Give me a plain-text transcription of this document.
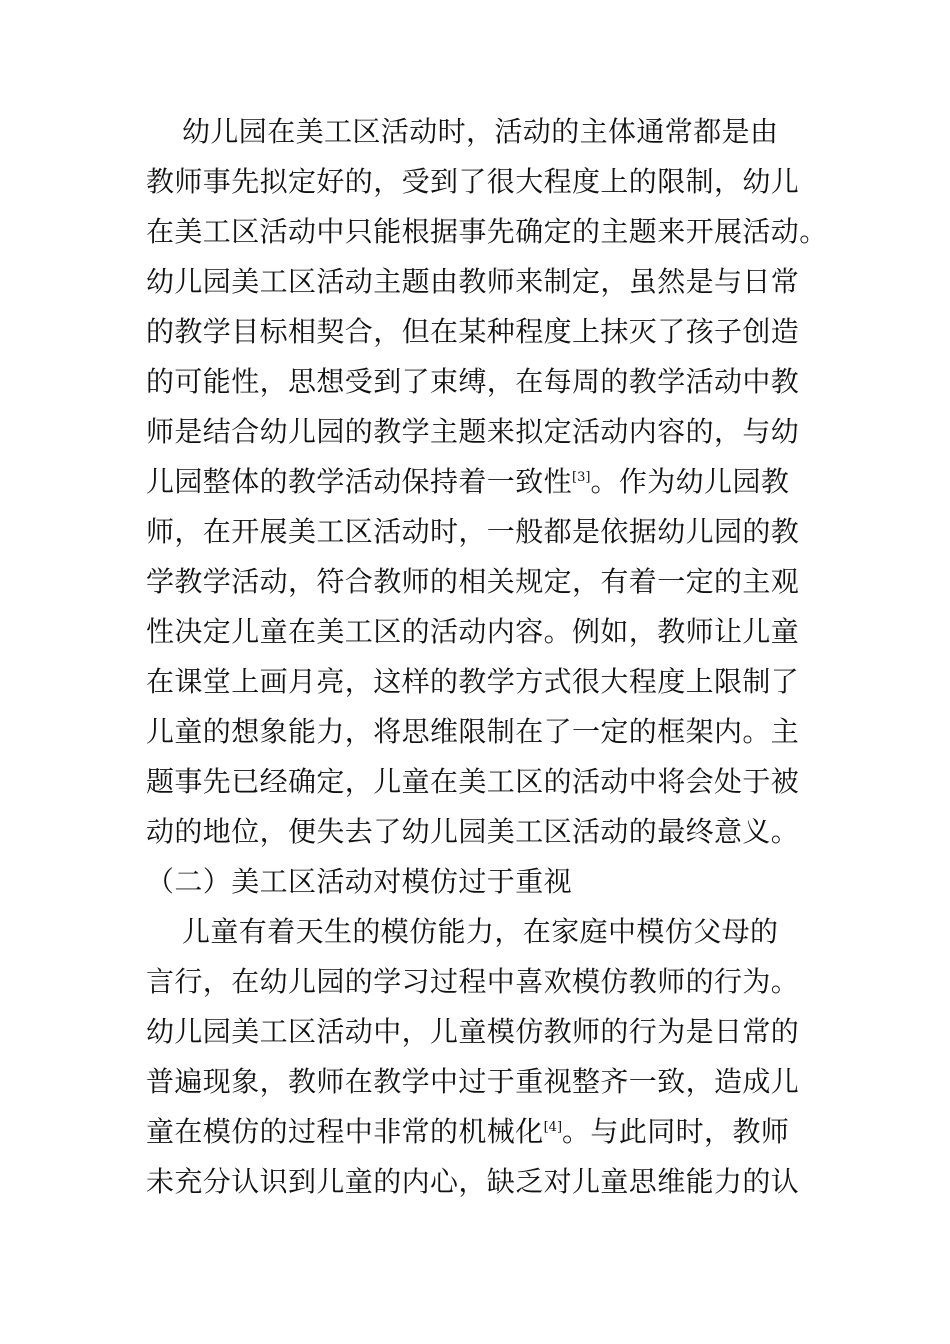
幼儿园在美工区活动时，活动的主体通常都是由
教师事先拟定好的，受到了很大程度上的限制，幼儿
在美工区活动中只能根据事先确定的主题来开展活动。
幼儿园美工区活动主题由教师来制定，虽然是与日常
的教学目标相契合，但在某种程度上抹灭了孩子创造
的可能性，思想受到了束缚，在每周的教学活动中教
师是结合幼儿园的教学主题来拟定活动内容的，与幼
儿园整体的教学活动保持着一致性[3]。作为幼儿园教
师，在开展美工区活动时，一般都是依据幼儿园的教
学教学活动，符合教师的相关规定，有着一定的主观
性决定儿童在美工区的活动内容。例如，教师让儿童
在课堂上画月亮，这样的教学方式很大程度上限制了
儿童的想象能力，将思维限制在了一定的框架内。主
题事先已经确定，儿童在美工区的活动中将会处于被
动的地位，便失去了幼儿园美工区活动的最终意义。
（二）美工区活动对模仿过于重视
儿童有着天生的模仿能力，在家庭中模仿父母的
言行，在幼儿园的学习过程中喜欢模仿教师的行为。
幼儿园美工区活动中，儿童模仿教师的行为是日常的
普遍现象，教师在教学中过于重视整齐一致，造成儿
童在模仿的过程中非常的机械化[4]。与此同时，教师
未充分认识到儿童的内心，缺乏对儿童思维能力的认
